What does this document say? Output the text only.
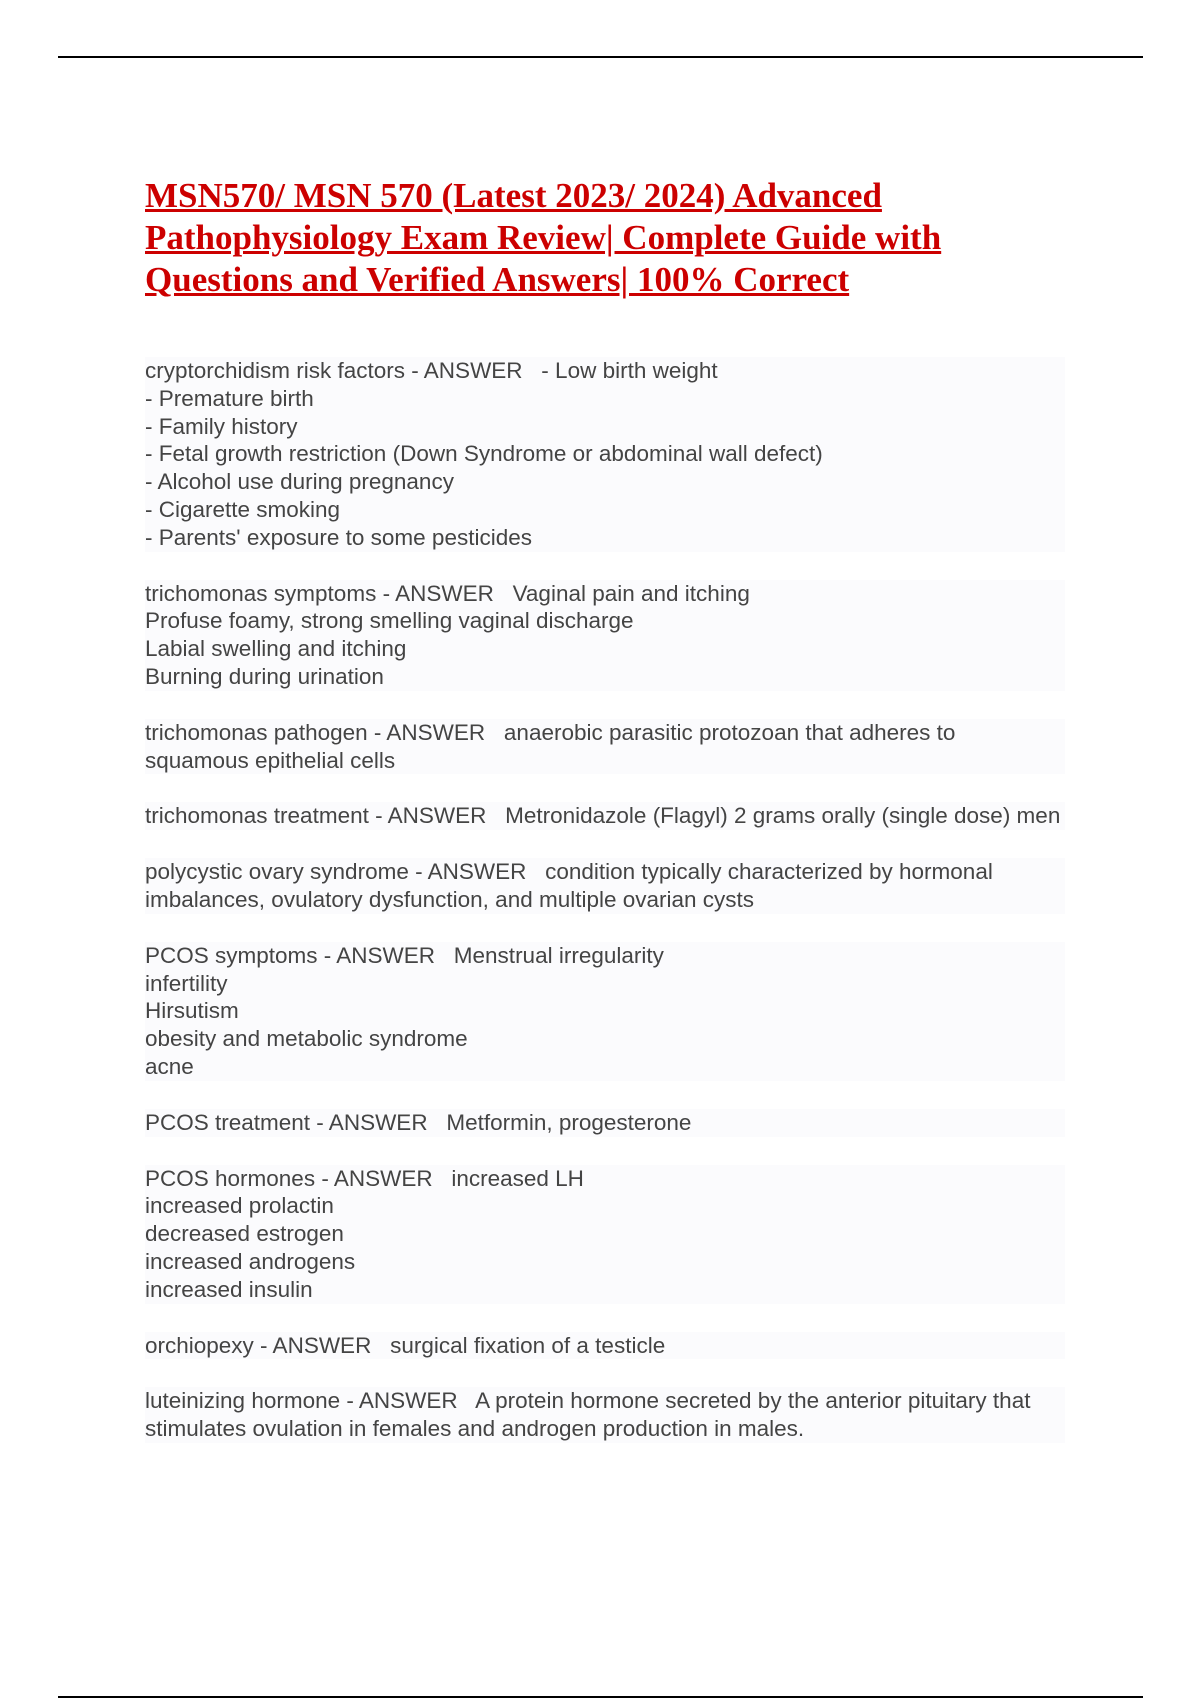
MSN570/ MSN 570 (Latest 2023/ 2024) Advanced Pathophysiology Exam Review| Complete Guide with Questions and Verified Answers| 100% Correct
cryptorchidism risk factors - ANSWER   - Low birth weight
- Premature birth
- Family history
- Fetal growth restriction (Down Syndrome or abdominal wall defect)
- Alcohol use during pregnancy
- Cigarette smoking
- Parents' exposure to some pesticides
trichomonas symptoms - ANSWER   Vaginal pain and itching
Profuse foamy, strong smelling vaginal discharge
Labial swelling and itching
Burning during urination
trichomonas pathogen - ANSWER   anaerobic parasitic protozoan that adheres to squamous epithelial cells
trichomonas treatment - ANSWER   Metronidazole (Flagyl) 2 grams orally (single dose) men
polycystic ovary syndrome - ANSWER   condition typically characterized by hormonal imbalances, ovulatory dysfunction, and multiple ovarian cysts
PCOS symptoms - ANSWER   Menstrual irregularity
infertility
Hirsutism
obesity and metabolic syndrome
acne
PCOS treatment - ANSWER   Metformin, progesterone
PCOS hormones - ANSWER   increased LH
increased prolactin
decreased estrogen
increased androgens
increased insulin
orchiopexy - ANSWER   surgical fixation of a testicle
luteinizing hormone - ANSWER   A protein hormone secreted by the anterior pituitary that stimulates ovulation in females and androgen production in males.
